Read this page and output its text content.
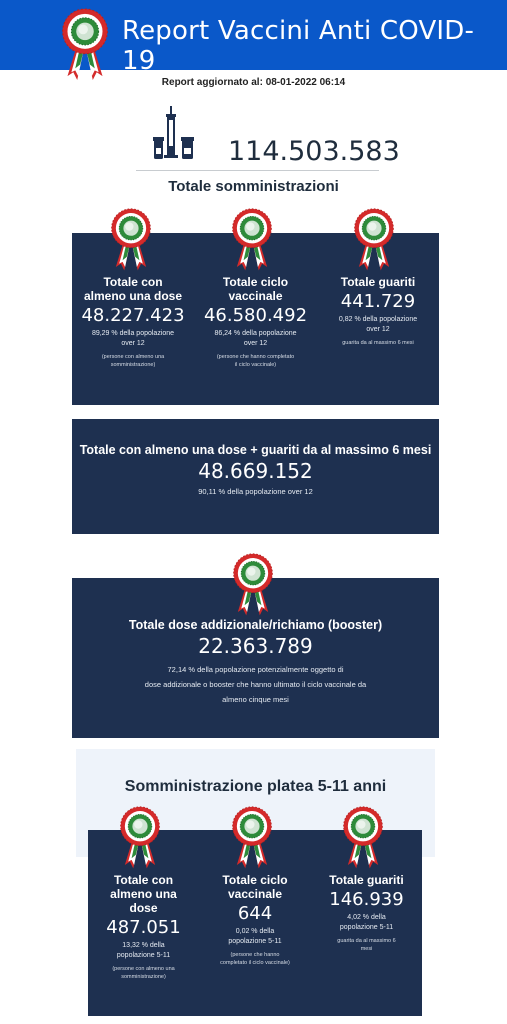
Report Vaccini Anti COVID-19
Report aggiornato al: 08-01-2022 06:14
114.503.583
Totale somministrazioni
Totale con
almeno una dose
48.227.423
89,29 % della popolazione
over 12
(persone con almeno una
somministrazione)
Totale ciclo
vaccinale
46.580.492
86,24 % della popolazione
over 12
(persone che hanno completato
il ciclo vaccinale)
Totale guariti
441.729
0,82 % della popolazione
over 12
guarita da al massimo 6 mesi
Totale con almeno una dose + guariti da al massimo 6 mesi
48.669.152
90,11 % della popolazione over 12
Totale dose addizionale/richiamo (booster)
22.363.789
72,14 % della popolazione potenzialmente oggetto di
dose addizionale o booster che hanno ultimato il ciclo vaccinale da
almeno cinque mesi
Somministrazione platea 5-11 anni
Totale con
almeno una
dose
487.051
13,32 % della
popolazione 5-11
(persone con almeno una
somministrazione)
Totale ciclo
vaccinale
644
0,02 % della
popolazione 5-11
(persone che hanno
completato il ciclo vaccinale)
Totale guariti
146.939
4,02 % della
popolazione 5-11
guarita da al massimo 6
mesi
